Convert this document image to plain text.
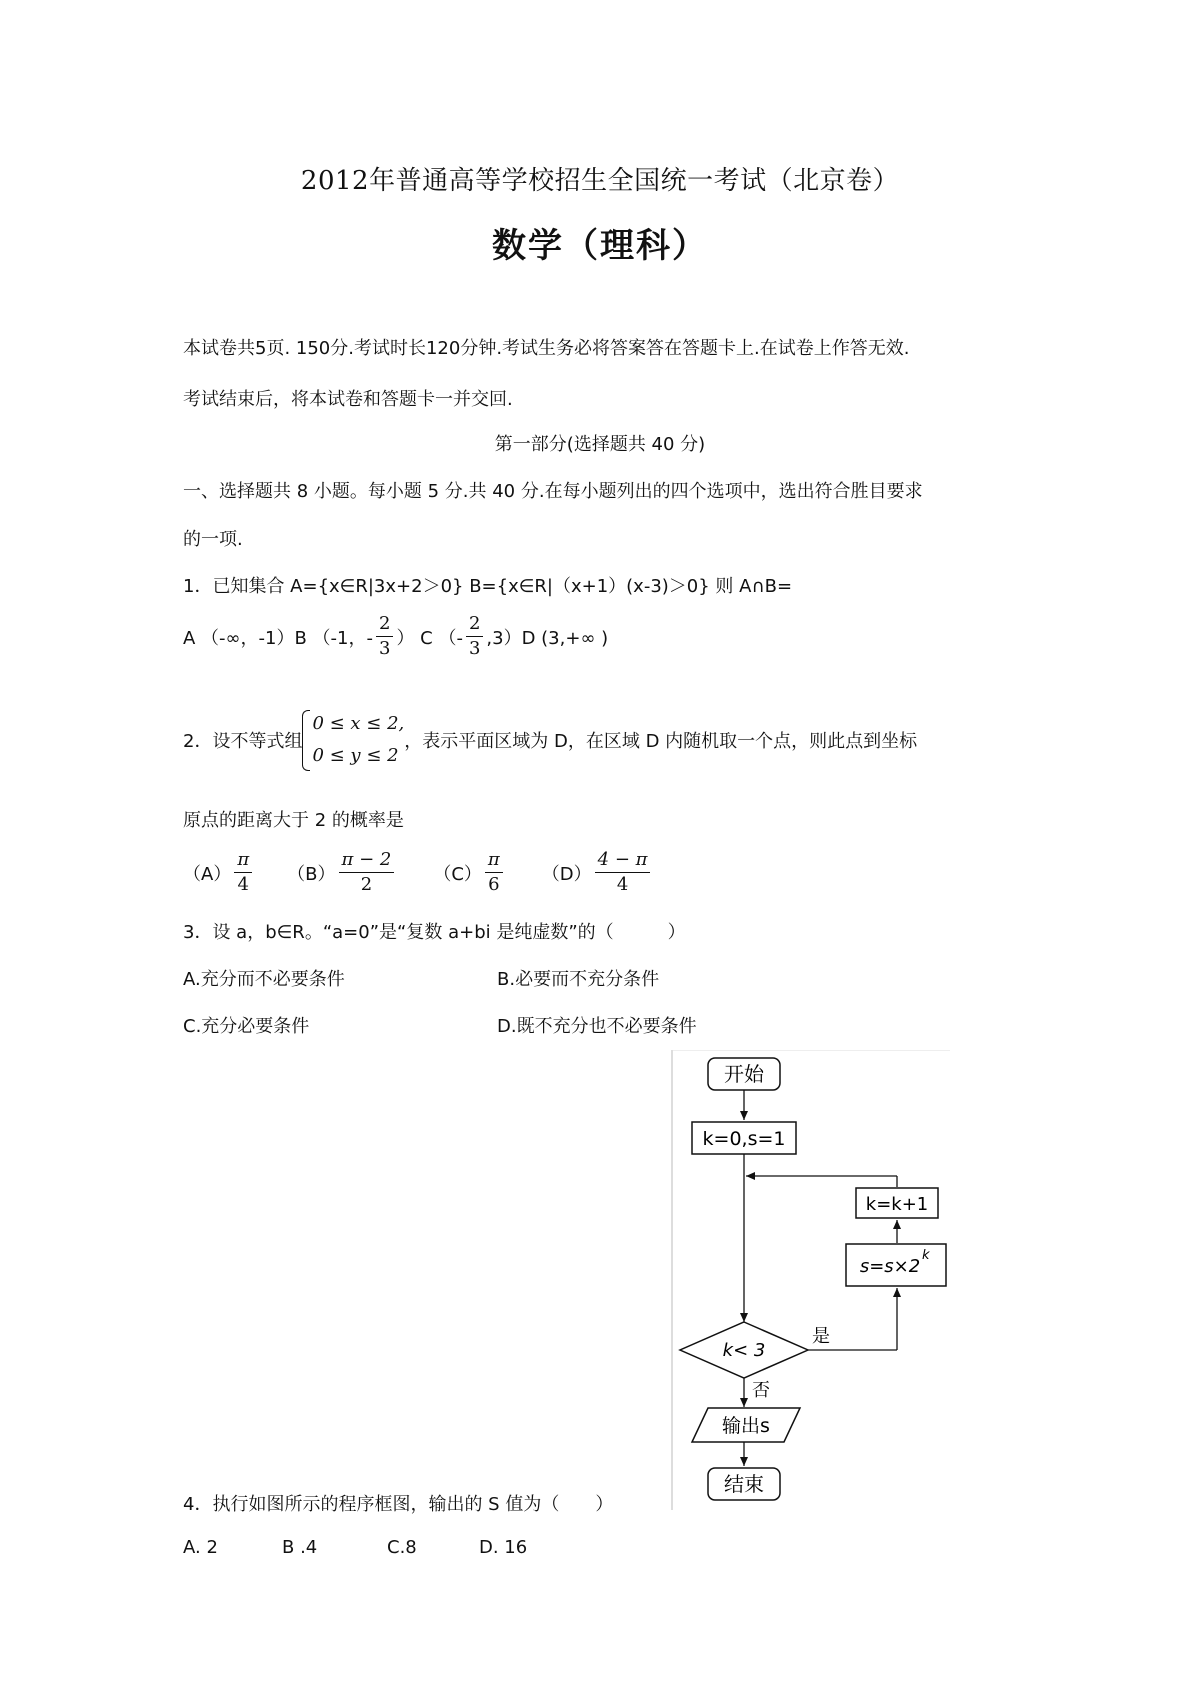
2012年普通高等学校招生全国统一考试（北京卷）
数学（理科）
本试卷共5页. 150分.考试时长120分钟.考试生务必将答案答在答题卡上.在试卷上作答无效.
考试结束后，将本试卷和答题卡一并交回.
第一部分(选择题共 40 分)
一、选择题共 8 小题。每小题 5 分.共 40 分.在每小题列出的四个选项中，选出符合胜目要求
的一项.
1．已知集合 A={x∈R|3x+2＞0} B={x∈R|（x+1）(x-3)＞0} 则 A∩B=
A （-∞，-1）B （-1，- $\frac{2}{3}$ ） C （- $\frac{2}{3} ,3)D$ (3,+∞ )
2．设不等式组
0 ≤ x ≤ 2,
0 ≤ y ≤ 2
，表示平面区域为 D，在区域 D 内随机取一个点，则此点到坐标
原点的距离大于 2 的概率是
$(A) \frac{\pi}{4} (B) \frac{\pi - 2}{2} (C) \frac{\pi}{6} (D) \frac{4 - \pi}{4}$
3．设 a，b∈R。“a=0”是“复数 a+bi 是纯虚数”的（　　　）
A.充分而不必要条件	B.必要而不充分条件
C.充分必要条件	D.既不充分也不必要条件
开始
k=0,s=1
k=k+1
s=s×2
k
k< 3
是
否
输出s
结束
4．执行如图所示的程序框图，输出的 S 值为（　　）
A. 2	B .4	C.8	D. 16
